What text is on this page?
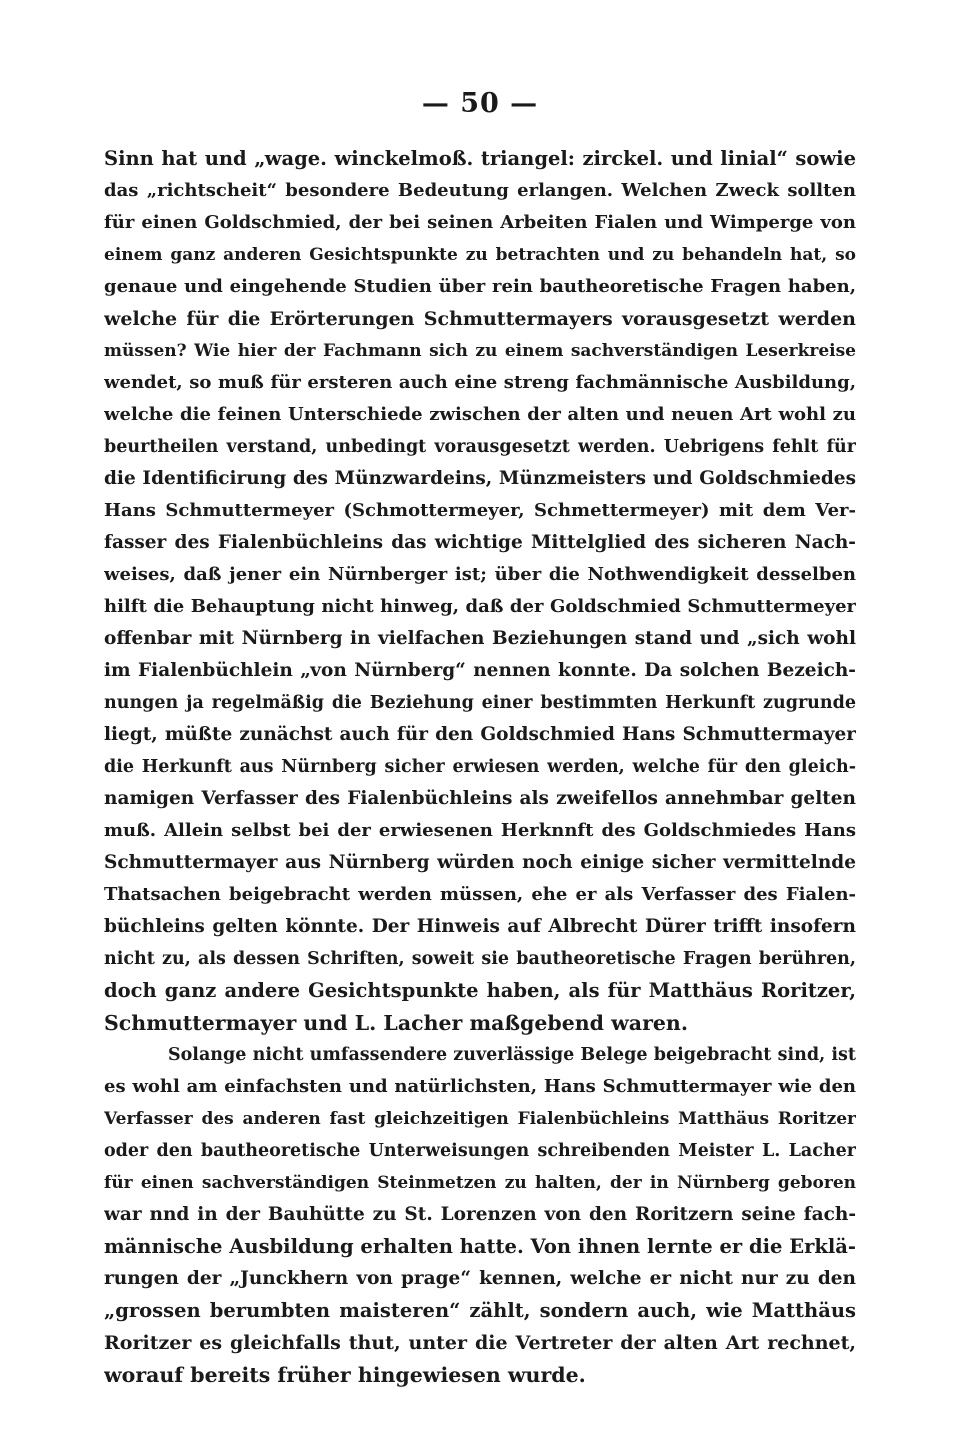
— 50 —
Sinn hat und „wage. winckelmoß. triangel: zirckel. und linial“ sowie
das „richtscheit“ besondere Bedeutung erlangen. Welchen Zweck sollten
für einen Goldschmied, der bei seinen Arbeiten Fialen und Wimperge von
einem ganz anderen Gesichtspunkte zu betrachten und zu behandeln hat, so
genaue und eingehende Studien über rein bautheoretische Fragen haben,
welche für die Erörterungen Schmuttermayers vorausgesetzt werden
müssen? Wie hier der Fachmann sich zu einem sachverständigen Leserkreise
wendet, so muß für ersteren auch eine streng fachmännische Ausbildung,
welche die feinen Unterschiede zwischen der alten und neuen Art wohl zu
beurtheilen verstand, unbedingt vorausgesetzt werden. Uebrigens fehlt für
die Identificirung des Münzwardeins, Münzmeisters und Goldschmiedes
Hans Schmuttermeyer (Schmottermeyer, Schmettermeyer) mit dem Ver-
fasser des Fialenbüchleins das wichtige Mittelglied des sicheren Nach-
weises, daß jener ein Nürnberger ist; über die Nothwendigkeit desselben
hilft die Behauptung nicht hinweg, daß der Goldschmied Schmuttermeyer
offenbar mit Nürnberg in vielfachen Beziehungen stand und „sich wohl
im Fialenbüchlein „von Nürnberg“ nennen konnte. Da solchen Bezeich-
nungen ja regelmäßig die Beziehung einer bestimmten Herkunft zugrunde
liegt, müßte zunächst auch für den Goldschmied Hans Schmuttermayer
die Herkunft aus Nürnberg sicher erwiesen werden, welche für den gleich-
namigen Verfasser des Fialenbüchleins als zweifellos annehmbar gelten
muß. Allein selbst bei der erwiesenen Herknnft des Goldschmiedes Hans
Schmuttermayer aus Nürnberg würden noch einige sicher vermittelnde
Thatsachen beigebracht werden müssen, ehe er als Verfasser des Fialen-
büchleins gelten könnte. Der Hinweis auf Albrecht Dürer trifft insofern
nicht zu, als dessen Schriften, soweit sie bautheoretische Fragen berühren,
doch ganz andere Gesichtspunkte haben, als für Matthäus Roritzer,
Schmuttermayer und L. Lacher maßgebend waren.
Solange nicht umfassendere zuverlässige Belege beigebracht sind, ist
es wohl am einfachsten und natürlichsten, Hans Schmuttermayer wie den
Verfasser des anderen fast gleichzeitigen Fialenbüchleins Matthäus Roritzer
oder den bautheoretische Unterweisungen schreibenden Meister L. Lacher
für einen sachverständigen Steinmetzen zu halten, der in Nürnberg geboren
war nnd in der Bauhütte zu St. Lorenzen von den Roritzern seine fach-
männische Ausbildung erhalten hatte. Von ihnen lernte er die Erklä-
rungen der „Junckhern von prage“ kennen, welche er nicht nur zu den
„grossen berumbten maisteren“ zählt, sondern auch, wie Matthäus
Roritzer es gleichfalls thut, unter die Vertreter der alten Art rechnet,
worauf bereits früher hingewiesen wurde.
